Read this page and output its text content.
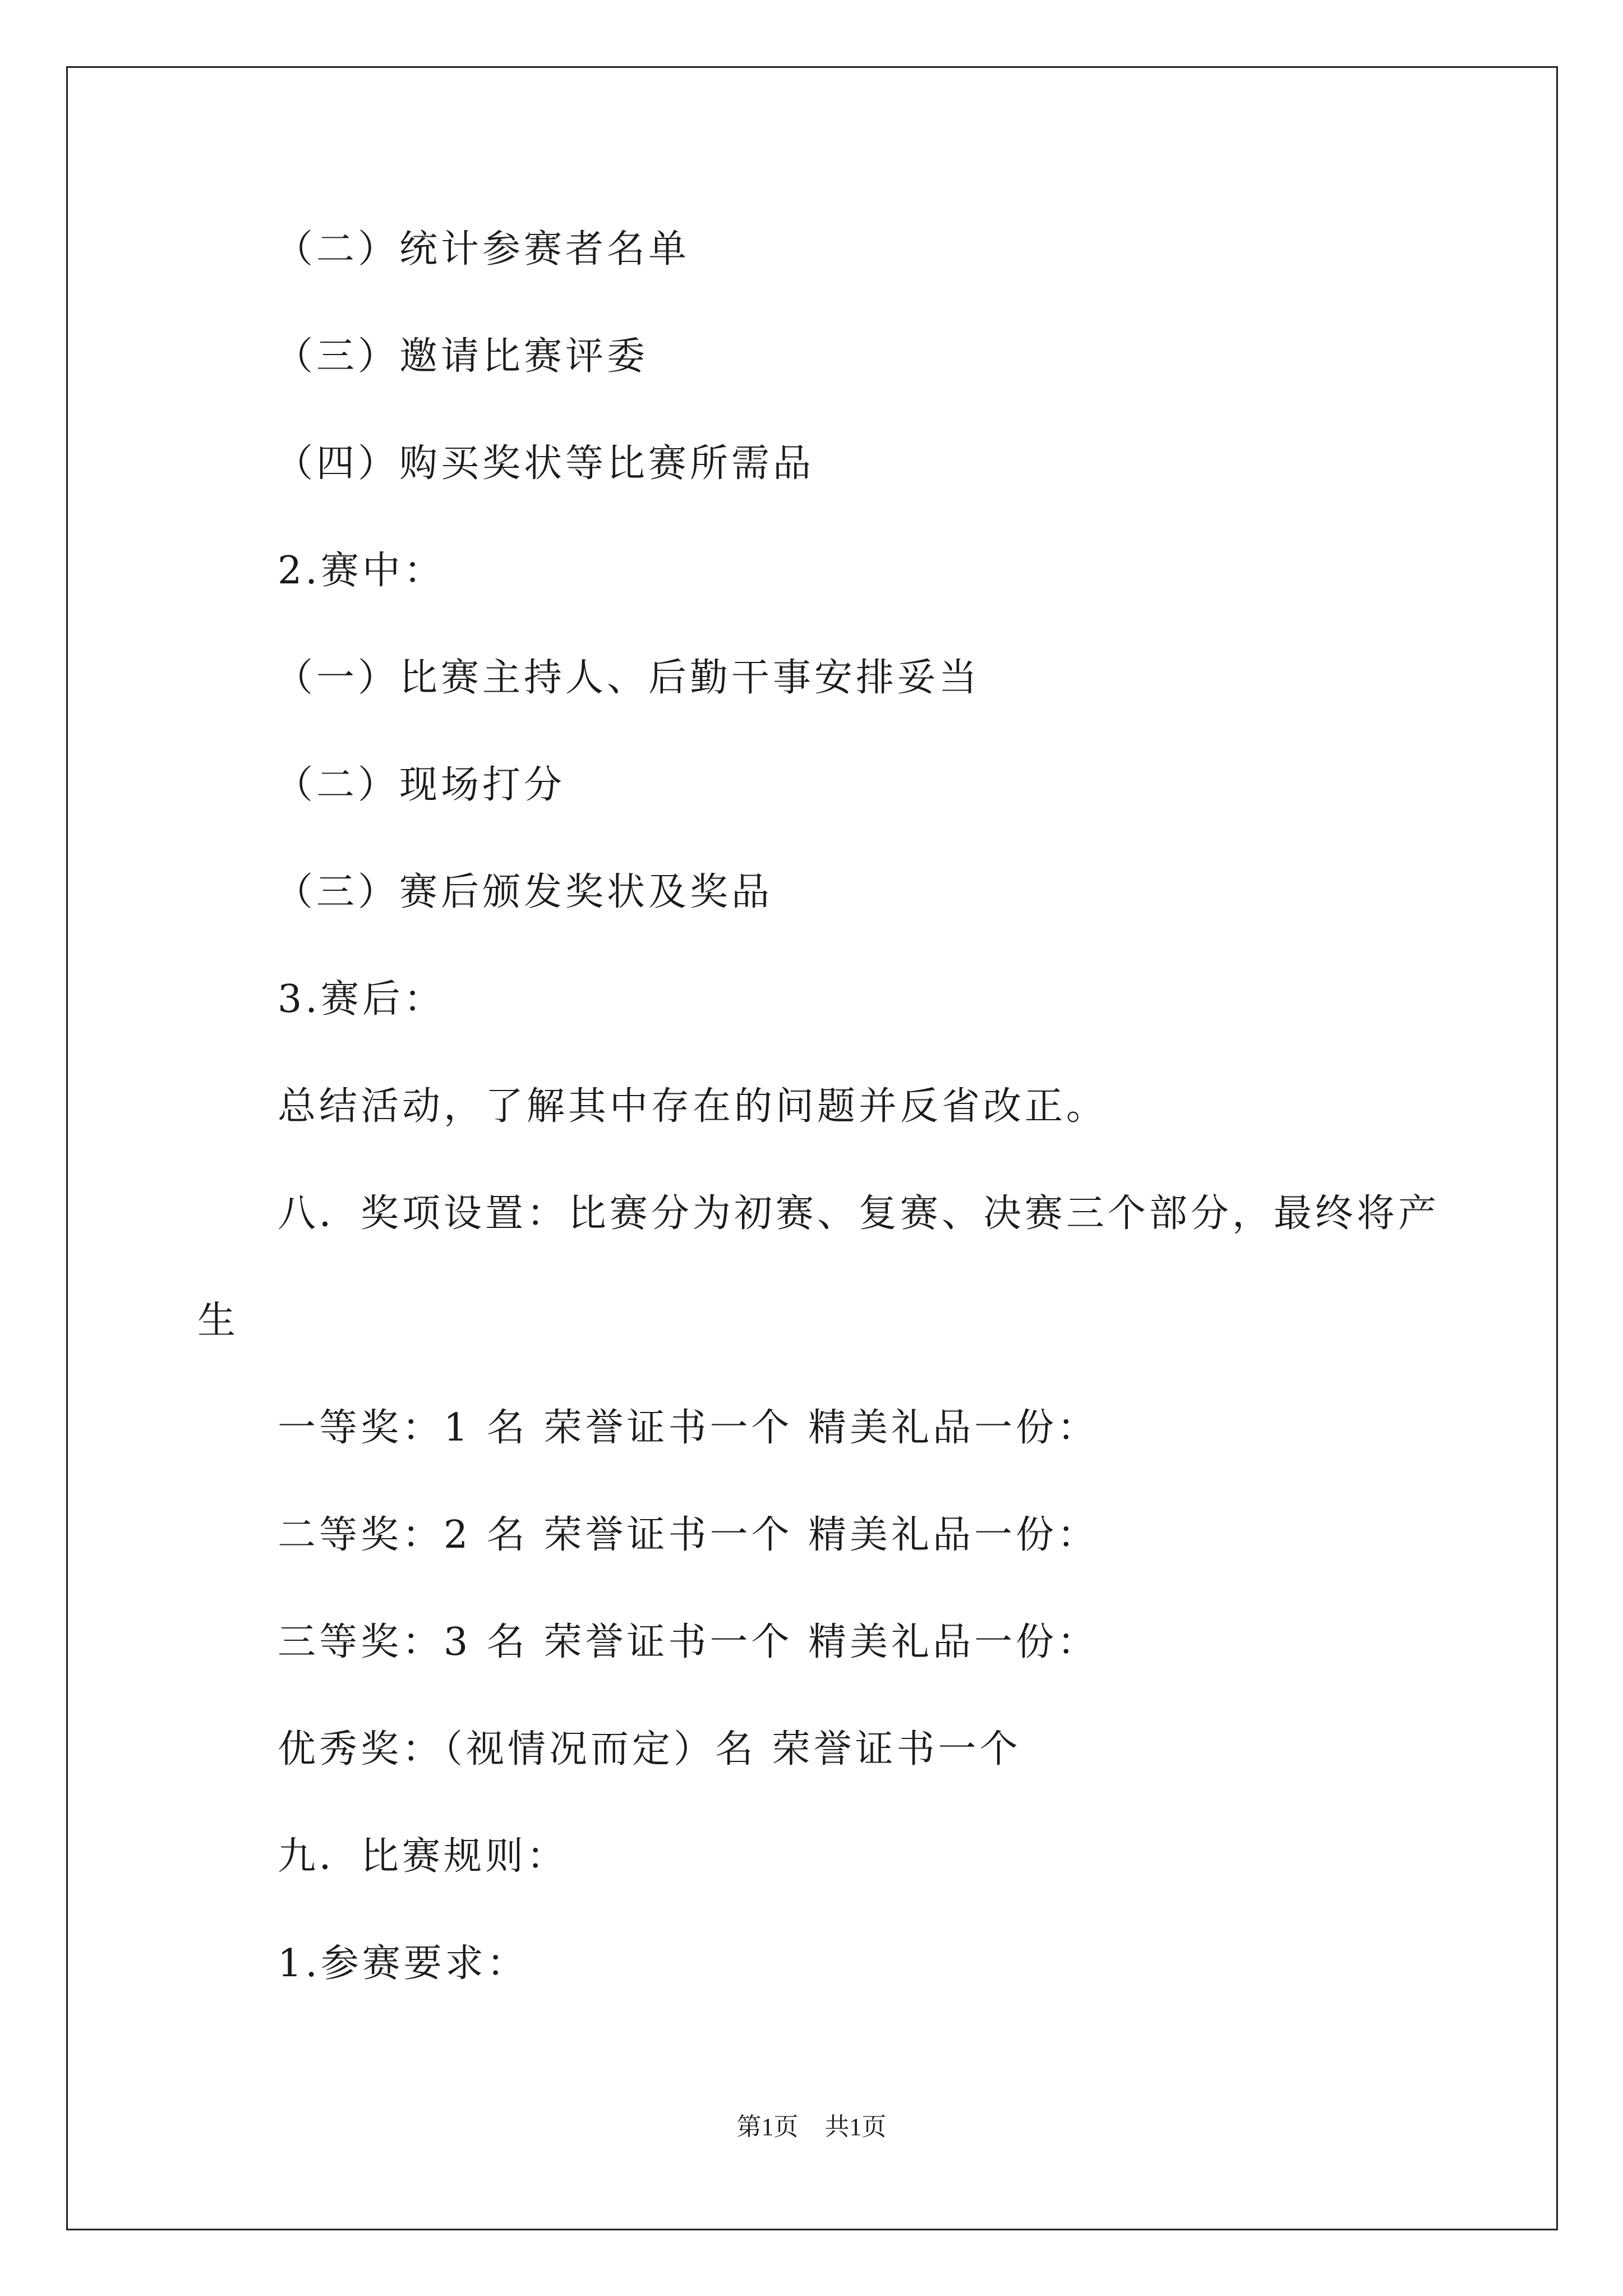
（二）统计参赛者名单
（三）邀请比赛评委
（四）购买奖状等比赛所需品
2.赛中：
（一）比赛主持人、后勤干事安排妥当
（二）现场打分
（三）赛后颁发奖状及奖品
3.赛后：
总结活动，了解其中存在的问题并反省改正。
八．奖项设置：比赛分为初赛、复赛、决赛三个部分，最终将产
生
一等奖：1 名 荣誉证书一个 精美礼品一份：
二等奖：2 名 荣誉证书一个 精美礼品一份：
三等奖：3 名 荣誉证书一个 精美礼品一份：
优秀奖：（视情况而定）名 荣誉证书一个
九．比赛规则：
1.参赛要求：
第1页 共1页
